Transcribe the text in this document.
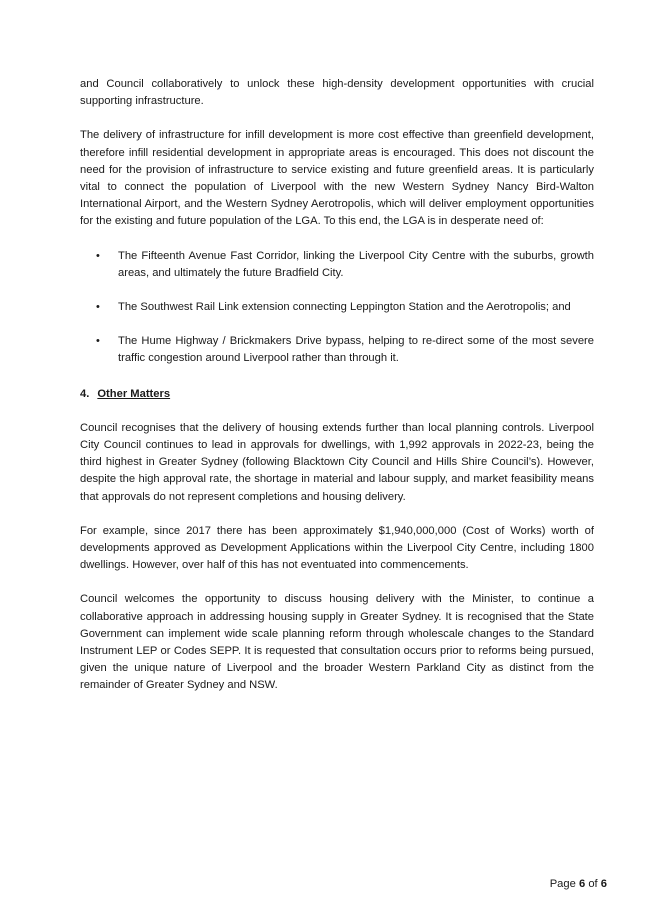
and Council collaboratively to unlock these high-density development opportunities with crucial supporting infrastructure.

The delivery of infrastructure for infill development is more cost effective than greenfield development, therefore infill residential development in appropriate areas is encouraged. This does not discount the need for the provision of infrastructure to service existing and future greenfield areas. It is particularly vital to connect the population of Liverpool with the new Western Sydney Nancy Bird-Walton International Airport, and the Western Sydney Aerotropolis, which will deliver employment opportunities for the existing and future population of the LGA. To this end, the LGA is in desperate need of:

• The Fifteenth Avenue Fast Corridor, linking the Liverpool City Centre with the suburbs, growth areas, and ultimately the future Bradfield City.
• The Southwest Rail Link extension connecting Leppington Station and the Aerotropolis; and
• The Hume Highway / Brickmakers Drive bypass, helping to re-direct some of the most severe traffic congestion around Liverpool rather than through it.
4. Other Matters

Council recognises that the delivery of housing extends further than local planning controls. Liverpool City Council continues to lead in approvals for dwellings, with 1,992 approvals in 2022-23, being the third highest in Greater Sydney (following Blacktown City Council and Hills Shire Council’s). However, despite the high approval rate, the shortage in material and labour supply, and market feasibility means that approvals do not represent completions and housing delivery.

For example, since 2017 there has been approximately $1,940,000,000 (Cost of Works) worth of developments approved as Development Applications within the Liverpool City Centre, including 1800 dwellings. However, over half of this has not eventuated into commencements.

Council welcomes the opportunity to discuss housing delivery with the Minister, to continue a collaborative approach in addressing housing supply in Greater Sydney. It is recognised that the State Government can implement wide scale planning reform through wholescale changes to the Standard Instrument LEP or Codes SEPP. It is requested that consultation occurs prior to reforms being pursued, given the unique nature of Liverpool and the broader Western Parkland City as distinct from the remainder of Greater Sydney and NSW.

Page 6 of 6
